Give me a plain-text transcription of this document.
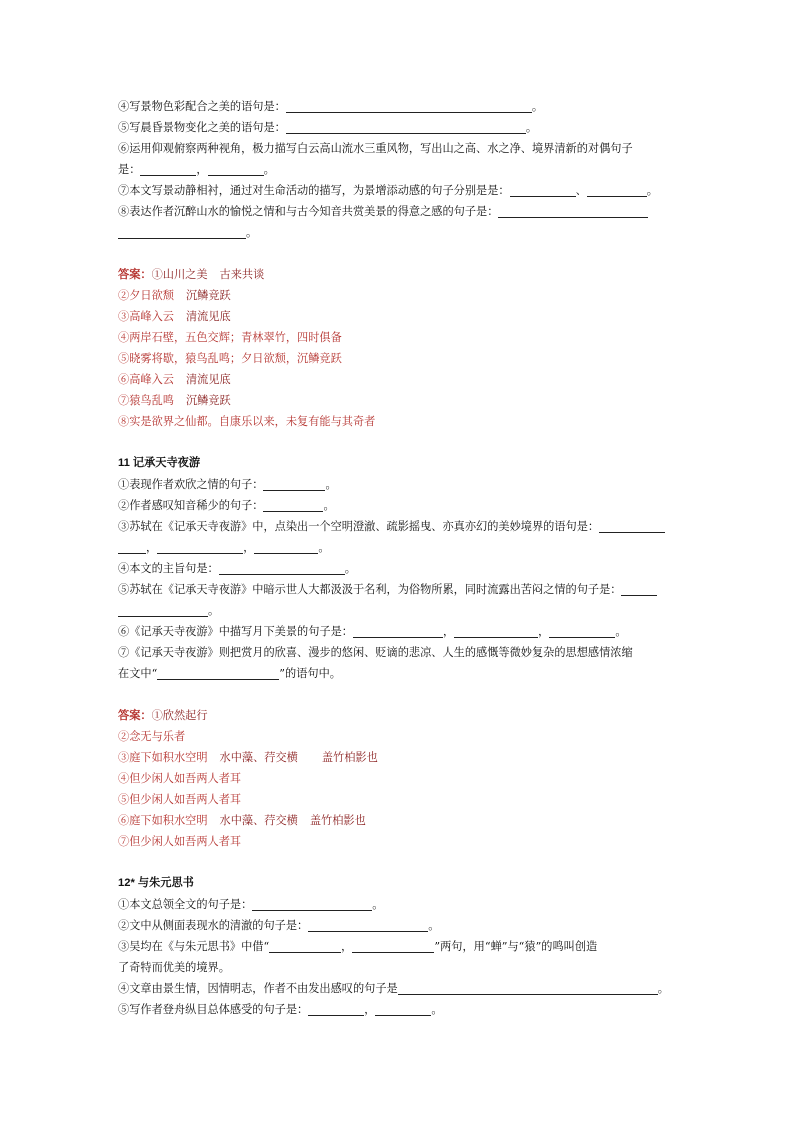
④写景物色彩配合之美的语句是：	。
⑤写晨昏景物变化之美的语句是：	。
⑥运用仰观俯察两种视角，极力描写白云高山流水三重风物，写出山之高、水之净、境界清新的对偶句子
是：	，	。
⑦本文写景动静相衬，通过对生命活动的描写，为景增添动感的句子分别是是：	、	。
⑧表达作者沉醉山水的愉悦之情和与古今知音共赏美景的得意之感的句子是：
。
答案：①山川之美 古来共谈
②夕日欲颓 沉鳞竞跃
③高峰入云 清流见底
④两岸石壁，五色交辉；青林翠竹，四时俱备
⑤晓雾将歇，猿鸟乱鸣；夕日欲颓，沉鳞竞跃
⑥高峰入云 清流见底
⑦猿鸟乱鸣 沉鳞竞跃
⑧实是欲界之仙都。自康乐以来，未复有能与其奇者
11 记承天寺夜游
①表现作者欢欣之情的句子：	。
②作者感叹知音稀少的句子：	。
③苏轼在《记承天寺夜游》中，点染出一个空明澄澈、疏影摇曳、亦真亦幻的美妙境界的语句是：
，	，	。
④本文的主旨句是：	。
⑤苏轼在《记承天寺夜游》中暗示世人大都汲汲于名利，为俗物所累，同时流露出苦闷之情的句子是：
。
⑥《记承天寺夜游》中描写月下美景的句子是：	，	，	。
⑦《记承天寺夜游》则把赏月的欣喜、漫步的悠闲、贬谪的悲凉、人生的感慨等微妙复杂的思想感情浓缩
在文中“	”的语句中。
答案：①欣然起行
②念无与乐者
③庭下如积水空明 水中藻、荇交横 盖竹柏影也
④但少闲人如吾两人者耳
⑤但少闲人如吾两人者耳
⑥庭下如积水空明 水中藻、荇交横 盖竹柏影也
⑦但少闲人如吾两人者耳
12* 与朱元思书
①本文总领全文的句子是：	。
②文中从侧面表现水的清澈的句子是：	。
③吴均在《与朱元思书》中借“	，	”两句，用“蝉”与“猿”的鸣叫创造
了奇特而优美的境界。
④文章由景生情，因情明志，作者不由发出感叹的句子是	。
⑤写作者登舟纵目总体感受的句子是：	，	。
